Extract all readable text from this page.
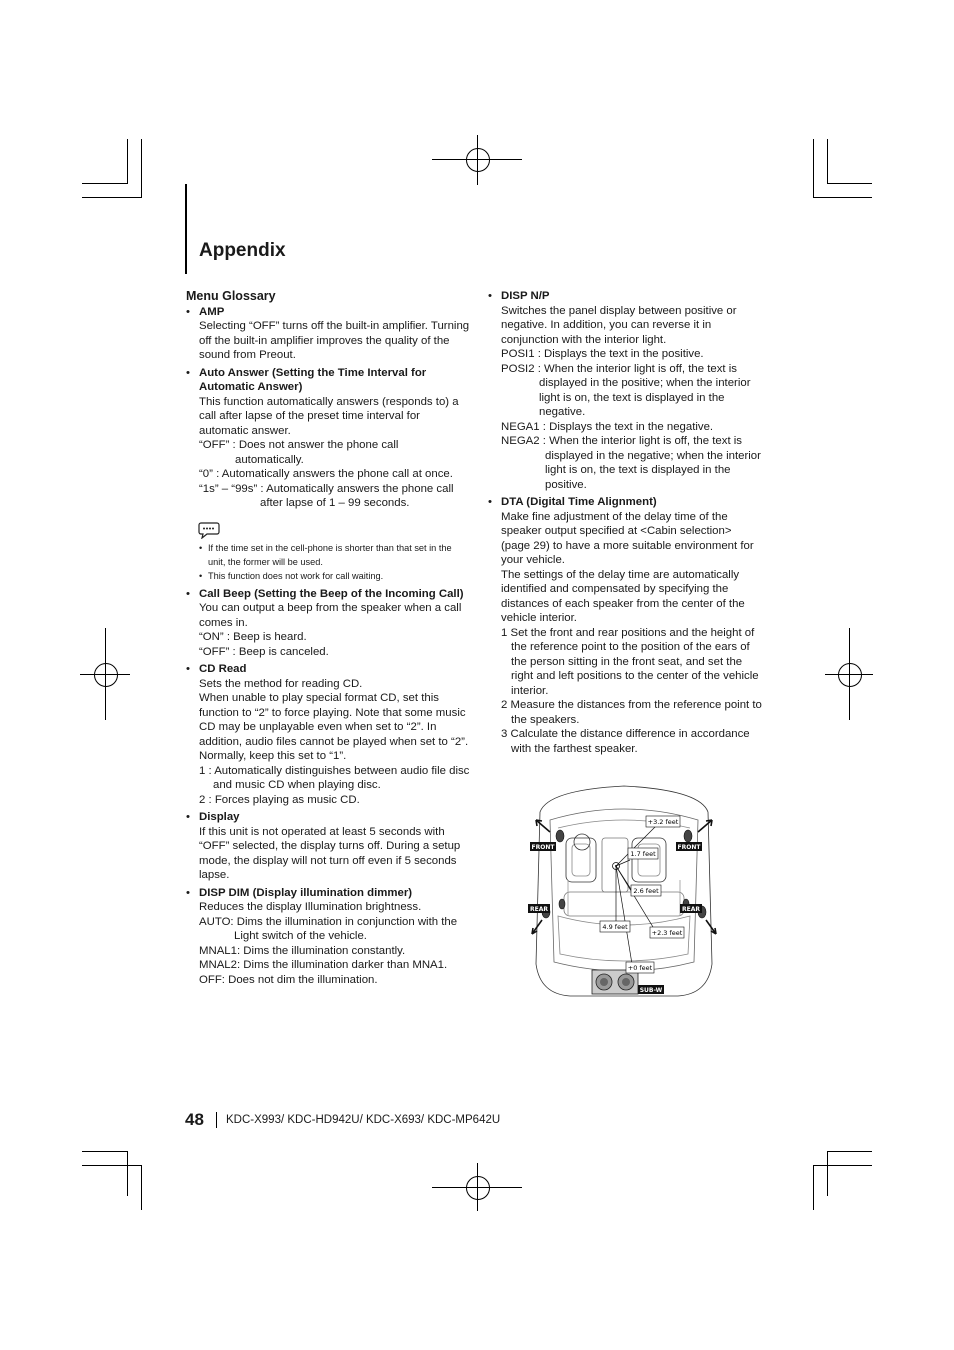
Appendix
Menu Glossary
• AMP

Selecting “OFF” turns off the built-in amplifier. Turning off the built-in amplifier improves the quality of the sound from Preout.

• Auto Answer (Setting the Time Interval for Automatic Answer)

This function automatically answers (responds to) a call after lapse of the preset time interval for automatic answer.

“OFF” : Does not answer the phone call automatically.

“0” : Automatically answers the phone call at once.

“1s” – “99s” : Automatically answers the phone call after lapse of 1 – 99 seconds.

• If the time set in the cell-phone is shorter than that set in the unit, the former will be used.

• This function does not work for call waiting.

• Call Beep (Setting the Beep of the Incoming Call)

You can output a beep from the speaker when a call comes in.

“ON” : Beep is heard.

“OFF” : Beep is canceled.

• CD Read

Sets the method for reading CD.

When unable to play special format CD, set this function to “2” to force playing. Note that some music CD may be unplayable even when set to “2”. In addition, audio files cannot be played when set to “2”. Normally, keep this set to “1”.

1 : Automatically distinguishes between audio file disc and music CD when playing disc.

2 : Forces playing as music CD.

• Display

If this unit is not operated at least 5 seconds with “OFF” selected, the display turns off. During a setup mode, the display will not turn off even if 5 seconds lapse.

• DISP DIM (Display illumination dimmer)

Reduces the display Illumination brightness.

AUTO: Dims the illumination in conjunction with the Light switch of the vehicle.

MNAL1: Dims the illumination constantly.

MNAL2: Dims the illumination darker than MNA1.

OFF: Does not dim the illumination.

• DISP N/P

Switches the panel display between positive or negative. In addition, you can reverse it in conjunction with the interior light.

POSI1 : Displays the text in the positive.

POSI2 : When the interior light is off, the text is displayed in the positive; when the interior light is on, the text is displayed in the negative.

NEGA1 : Displays the text in the negative.

NEGA2 : When the interior light is off, the text is displayed in the negative; when the interior light is on, the text is displayed in the positive.

• DTA (Digital Time Alignment)

Make fine adjustment of the delay time of the speaker output specified at <Cabin selection> (page 29) to have a more suitable environment for your vehicle.

The settings of the delay time are automatically identified and compensated by specifying the distances of each speaker from the center of the vehicle interior.

1 Set the front and rear positions and the height of the reference point to the position of the ears of the person sitting in the front seat, and set the right and left positions to the center of the vehicle interior.

2 Measure the distances from the reference point to the speakers.

3 Calculate the distance difference in accordance with the farthest speaker.

FRONT	FRONT
REAR	REAR
SUB-W
+3.2 feet
1.7 feet
2.6 feet
4.9 feet
+2.3 feet
+0 feet
48 KDC-X993/ KDC-HD942U/ KDC-X693/ KDC-MP642U
